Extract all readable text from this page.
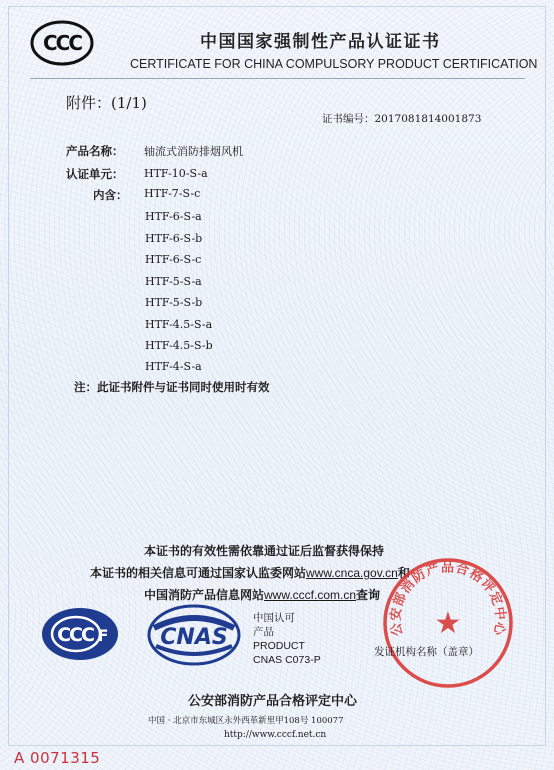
CCC	中国国家强制性产品认证证书
CERTIFICATE FOR CHINA COMPULSORY PRODUCT CERTIFICATION
附件：(1/1)
证书编号：2017081814001873
产品名称： 轴流式消防排烟风机
认证单元： HTF-10-S-a
内含： HTF-7-S-c
HTF-6-S-a
HTF-6-S-b
HTF-6-S-c
HTF-5-S-a
HTF-5-S-b
HTF-4.5-S-a
HTF-4.5-S-b
HTF-4-S-a
注：此证书附件与证书同时使用时有效
本证书的有效性需依靠通过证后监督获得保持
本证书的相关信息可通过国家认监委网站www.cnca.gov.cn和
中国消防产品信息网站www.cccf.com.cn查询
CCC F CNAS
中国认可
产品
PRODUCT
CNAS C073-P
公安部消防产品合格评定中心
★
发证机构名称（盖章）
公安部消防产品合格评定中心
中国 · 北京市东城区永外西革新里甲108号 100077
http://www.cccf.net.cn
A 0071315
